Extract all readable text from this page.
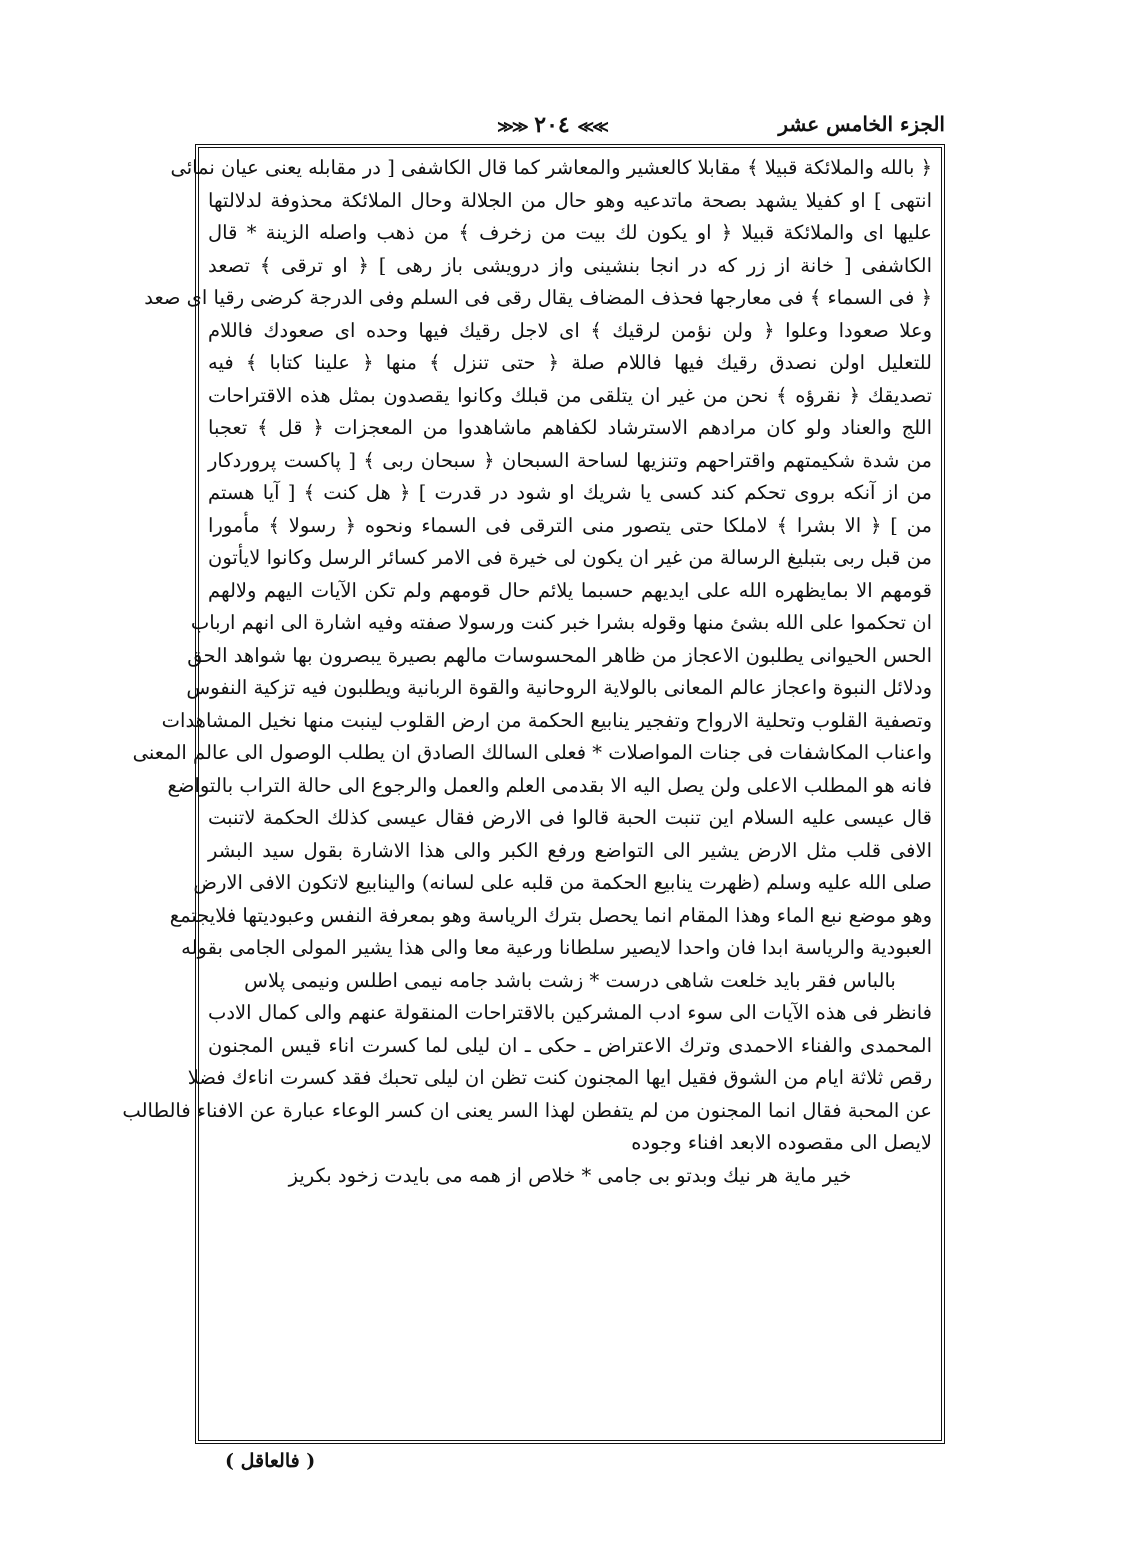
الجزء الخامس عشر
≫≫ ٢٠٤ ≪≪
﴿ بالله والملائكة قبيلا ﴾ مقابلا كالعشير والمعاشر كما قال الكاشفى [ در مقابله يعنى عيان نمائى
انتهى ] او كفيلا يشهد بصحة ماتدعيه وهو حال من الجلالة وحال الملائكة محذوفة لدلالتها
عليها اى والملائكة قبيلا ﴿ او يكون لك بيت من زخرف ﴾ من ذهب واصله الزينة * قال
الكاشفى [ خانة از زر كه در انجا بنشينى واز درويشى باز رهى ] ﴿ او ترقى ﴾ تصعد
﴿ فى السماء ﴾ فى معارجها فحذف المضاف يقال رقى فى السلم وفى الدرجة كرضى رقيا اى صعد
وعلا صعودا وعلوا ﴿ ولن نؤمن لرقيك ﴾ اى لاجل رقيك فيها وحده اى صعودك فاللام
للتعليل اولن نصدق رقيك فيها فاللام صلة ﴿ حتى تنزل ﴾ منها ﴿ علينا كتابا ﴾ فيه
تصديقك ﴿ نقرؤه ﴾ نحن من غير ان يتلقى من قبلك وكانوا يقصدون بمثل هذه الاقتراحات
اللج والعناد ولو كان مرادهم الاسترشاد لكفاهم ماشاهدوا من المعجزات ﴿ قل ﴾ تعجبا
من شدة شكيمتهم واقتراحهم وتنزيها لساحة السبحان ﴿ سبحان ربى ﴾ [ پاكست پروردكار
من از آنكه بروى تحكم كند كسى يا شريك او شود در قدرت ] ﴿ هل كنت ﴾ [ آيا هستم
من ] ﴿ الا بشرا ﴾ لاملكا حتى يتصور منى الترقى فى السماء ونحوه ﴿ رسولا ﴾ مأمورا
من قبل ربى بتبليغ الرسالة من غير ان يكون لى خيرة فى الامر كسائر الرسل وكانوا لايأتون
قومهم الا بمايظهره الله على ايديهم حسبما يلائم حال قومهم ولم تكن الآيات اليهم ولالهم
ان تحكموا على الله بشئ منها وقوله بشرا خبر كنت ورسولا صفته وفيه اشارة الى انهم ارباب
الحس الحيوانى يطلبون الاعجاز من ظاهر المحسوسات مالهم بصيرة يبصرون بها شواهد الحق
ودلائل النبوة واعجاز عالم المعانى بالولاية الروحانية والقوة الربانية ويطلبون فيه تزكية النفوس
وتصفية القلوب وتحلية الارواح وتفجير ينابيع الحكمة من ارض القلوب لينبت منها نخيل المشاهدات
واعناب المكاشفات فى جنات المواصلات * فعلى السالك الصادق ان يطلب الوصول الى عالم المعنى
فانه هو المطلب الاعلى ولن يصل اليه الا بقدمى العلم والعمل والرجوع الى حالة التراب بالتواضع
قال عيسى عليه السلام اين تنبت الحبة قالوا فى الارض فقال عيسى كذلك الحكمة لاتنبت
الافى قلب مثل الارض يشير الى التواضع ورفع الكبر والى هذا الاشارة بقول سيد البشر
صلى الله عليه وسلم (ظهرت ينابيع الحكمة من قلبه على لسانه) والينابيع لاتكون الافى الارض
وهو موضع نبع الماء وهذا المقام انما يحصل بترك الرياسة وهو بمعرفة النفس وعبوديتها فلايجتمع
العبودية والرياسة ابدا فان واحدا لايصير سلطانا ورعية معا والى هذا يشير المولى الجامى بقوله
بالباس فقر بايد خلعت شاهى درست * زشت باشد جامه نيمى اطلس ونيمى پلاس
فانظر فى هذه الآيات الى سوء ادب المشركين بالاقتراحات المنقولة عنهم والى كمال الادب
المحمدى والفناء الاحمدى وترك الاعتراض ـ حكى ـ ان ليلى لما كسرت اناء قيس المجنون
رقص ثلاثة ايام من الشوق فقيل ايها المجنون كنت تظن ان ليلى تحبك فقد كسرت اناءك فضلا
عن المحبة فقال انما المجنون من لم يتفطن لهذا السر يعنى ان كسر الوعاء عبارة عن الافناء فالطالب
لايصل الى مقصوده الابعد افناء وجوده
خير ماية هر نيك وبدتو بى جامى * خلاص از همه مى بايدت زخود بكريز
( فالعاقل )
